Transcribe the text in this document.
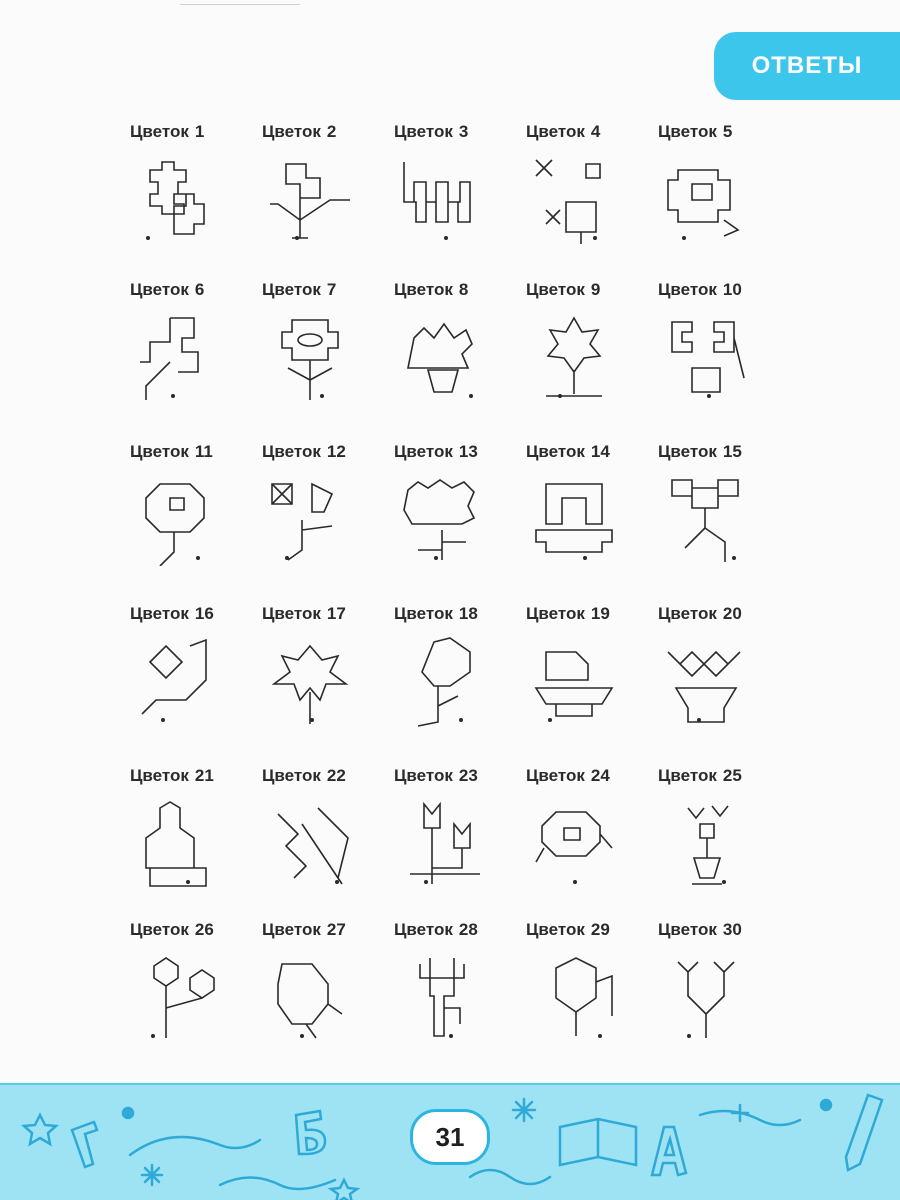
ОТВЕТЫ
Цветок 1	Цветок 2	Цветок 3	Цветок 4	Цветок 5
Цветок 6	Цветок 7	Цветок 8	Цветок 9	Цветок 10
Цветок 11	Цветок 12	Цветок 13	Цветок 14	Цветок 15
Цветок 16	Цветок 17	Цветок 18	Цветок 19	Цветок 20
Цветок 21	Цветок 22	Цветок 23	Цветок 24	Цветок 25
Цветок 26	Цветок 27	Цветок 28	Цветок 29	Цветок 30
31
